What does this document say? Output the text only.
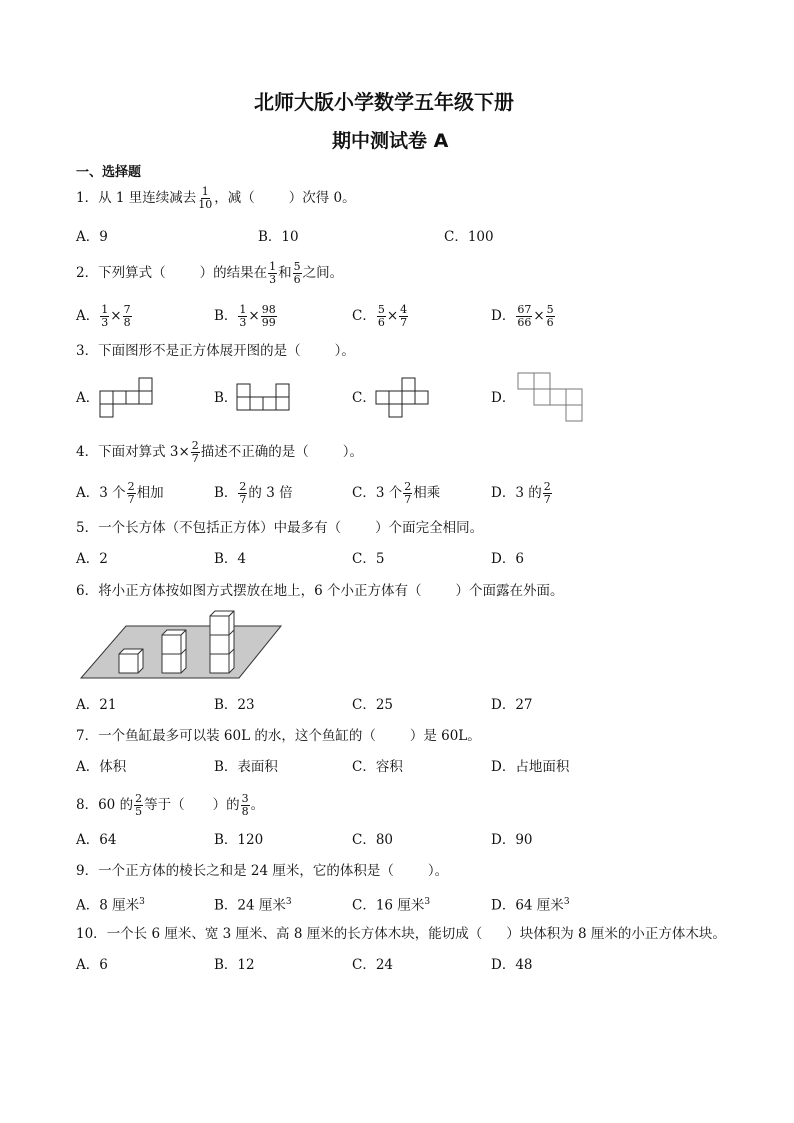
北师大版小学数学五年级下册
期中测试卷 A
一、选择题
1．从 1 里连续减去 $\frac{1}{10}$ ，减（	）次得 0。
A．9	B．10	C．100
2．下列算式（	）的结果在 $\frac{1}{3}$ 和 $\frac{5}{6}$ 之间。
A． $\frac{1}{3} \times \frac{7}{8}$	B． $\frac{1}{3} \times \frac{98}{99}$	C． $\frac{5}{6} \times \frac{4}{7}$	D． $\frac{67}{66} \times \frac{5}{6}$
3．下面图形不是正方体展开图的是（	）。
A．	B．	C．	D．
4．下面对算式 $3\times \frac{2}{7}$ 描述不正确的是（	）。
A．3 个 $\frac{2}{7}$ 相加	B． $\frac{2}{7}$ 的 3 倍	C．3 个 $\frac{2}{7}$ 相乘	D．3 的 $\frac{2}{7}$
5．一个长方体（不包括正方体）中最多有（	）个面完全相同。
A．2	B．4	C．5	D．6
6．将小正方体按如图方式摆放在地上，6 个小正方体有（	）个面露在外面。
A．21	B．23	C．25	D．27
7．一个鱼缸最多可以装 60L 的水，这个鱼缸的（	）是 60L。
A．体积	B．表面积	C．容积	D．占地面积
8．60 的 $\frac{2}{5}$ 等于（ ）的 $\frac{3}{8}$ 。
A．64	B．120	C．80	D．90
9．一个正方体的棱长之和是 24 厘米，它的体积是（	）。
A．8 厘米$^3$	B．24 厘米$^3$	C．16 厘米$^3$	D．64 厘米$^3$
10．一个长 6 厘米、宽 3 厘米、高 8 厘米的长方体木块，能切成（ ）块体积为 8 厘米的小正方体木块。
A．6	B．12	C．24	D．48
